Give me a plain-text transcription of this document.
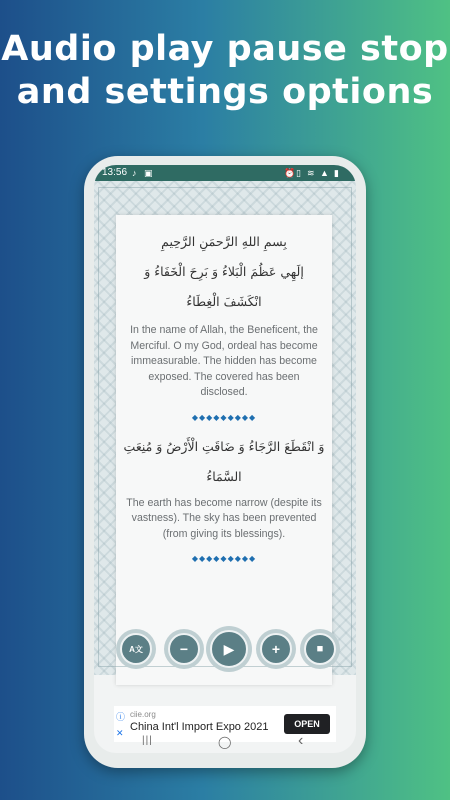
Audio play pause stop
and settings options
13:56 ♪ ▣	⏰ ▯ ≋ ▲ ▮

بِسمِ اللهِ الرَّحمَنِ الرَّحِيمِ

إلَهِي عَظُمَ الْبَلاءُ وَ بَرِحَ الْخَفَاءُ وَ

انْكَشَفَ الْغِطَاءُ

In the name of Allah, the Beneficent, the Merciful. O my God, ordeal has become immeasurable. The hidden has become exposed. The covered has been disclosed.

◆◆◆◆◆◆◆◆◆

وَ انْقَطَعَ الرَّجَاءُ وَ ضَاقَتِ الْأَرْضُ وَ مُنِعَتِ

السَّمَاءُ

The earth has become narrow (despite its vastness). The sky has been prevented (from giving its blessings).

◆◆◆◆◆◆◆◆◆

A文	−	▶	+	■
ⓘ
✕
ciie.org
China Int'l Import Expo 2021	OPEN
|||	◯	‹
